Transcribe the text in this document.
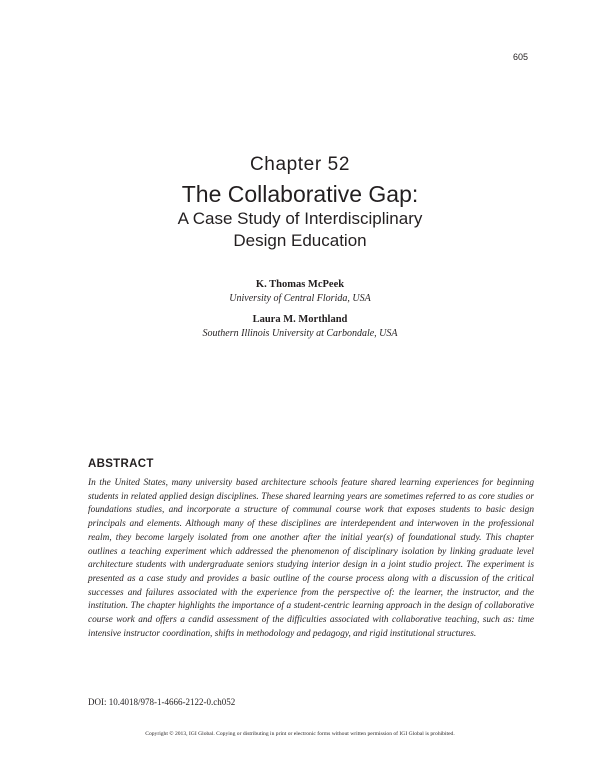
605
Chapter 52
The Collaborative Gap:
A Case Study of Interdisciplinary
Design Education
K. Thomas McPeek
University of Central Florida, USA
Laura M. Morthland
Southern Illinois University at Carbondale, USA
ABSTRACT
In the United States, many university based architecture schools feature shared learning experiences for beginning students in related applied design disciplines. These shared learning years are sometimes referred to as core studies or foundations studies, and incorporate a structure of communal course work that exposes students to basic design principals and elements. Although many of these disciplines are interdependent and interwoven in the professional realm, they become largely isolated from one another after the initial year(s) of foundational study. This chapter outlines a teaching experiment which addressed the phenomenon of disciplinary isolation by linking graduate level architecture students with undergraduate seniors studying interior design in a joint studio project. The experiment is presented as a case study and provides a basic outline of the course process along with a discussion of the critical successes and failures associated with the experience from the perspective of: the learner, the instructor, and the institution. The chapter highlights the importance of a student-centric learning approach in the design of collaborative course work and offers a candid assessment of the difficulties associated with collaborative teaching, such as: time intensive instructor coordination, shifts in methodology and pedagogy, and rigid institutional structures.
DOI: 10.4018/978-1-4666-2122-0.ch052
Copyright © 2013, IGI Global. Copying or distributing in print or electronic forms without written permission of IGI Global is prohibited.
